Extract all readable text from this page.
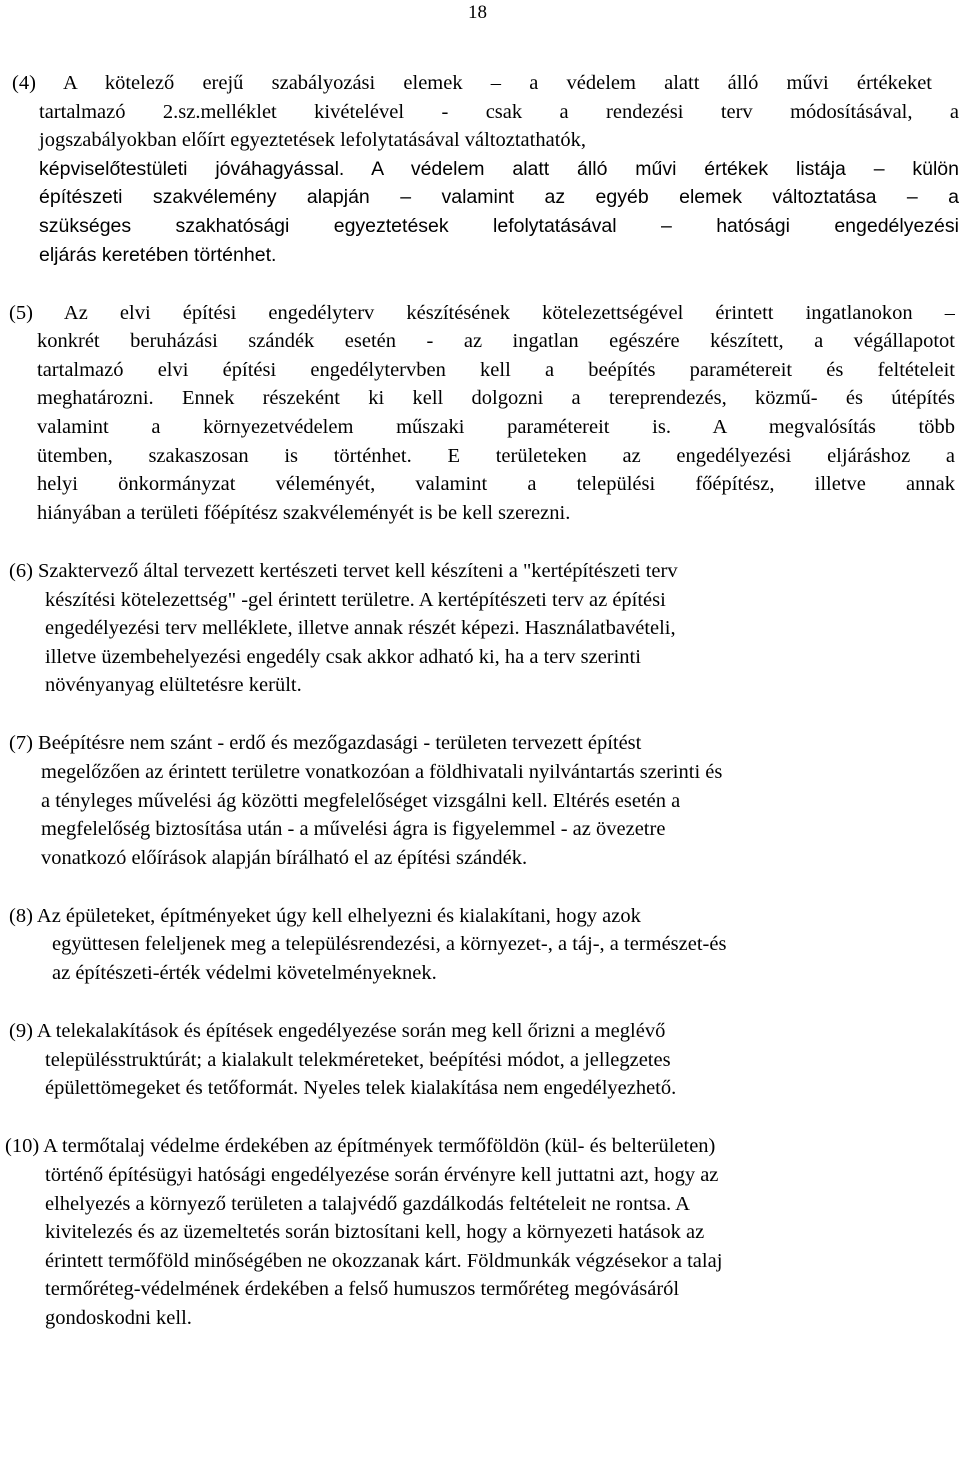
18

(4) A kötelező erejű szabályozási elemek – a védelem alatt álló művi értékeket
tartalmazó 2.sz.melléklet kivételével - csak a rendezési terv módosításával, a
jogszabályokban előírt egyeztetések lefolytatásával változtathatók,
képviselőtestületi jóváhagyással. A védelem alatt álló művi értékek listája – külön
építészeti szakvélemény alapján – valamint az egyéb elemek változtatása – a
szükséges szakhatósági egyeztetések lefolytatásával – hatósági engedélyezési
eljárás keretében történhet.

(5) Az elvi építési engedélyterv készítésének kötelezettségével érintett ingatlanokon –
konkrét beruházási szándék esetén - az ingatlan egészére készített, a végállapotot
tartalmazó elvi építési engedélytervben kell a beépítés paramétereit és feltételeit
meghatározni. Ennek részeként ki kell dolgozni a tereprendezés, közmű- és útépítés
valamint a környezetvédelem műszaki paramétereit is. A megvalósítás több
ütemben, szakaszosan is történhet. E területeken az engedélyezési eljáráshoz a
helyi önkormányzat véleményét, valamint a települési főépítész, illetve annak
hiányában a területi főépítész szakvéleményét is be kell szerezni.

(6) Szaktervező által tervezett kertészeti tervet kell készíteni a "kertépítészeti terv
készítési kötelezettség" -gel érintett területre. A kertépítészeti terv az építési
engedélyezési terv melléklete, illetve annak részét képezi. Használatbavételi,
illetve üzembehelyezési engedély csak akkor adható ki, ha a terv szerinti
növényanyag elültetésre került.

(7) Beépítésre nem szánt - erdő és mezőgazdasági - területen tervezett építést
megelőzően az érintett területre vonatkozóan a földhivatali nyilvántartás szerinti és
a tényleges művelési ág közötti megfelelőséget vizsgálni kell. Eltérés esetén a
megfelelőség biztosítása után - a művelési ágra is figyelemmel - az övezetre
vonatkozó előírások alapján bírálható el az építési szándék.

(8) Az épületeket, építményeket úgy kell elhelyezni és kialakítani, hogy azok
együttesen feleljenek meg a településrendezési, a környezet-, a táj-, a természet-és
az építészeti-érték védelmi követelményeknek.

(9) A telekalakítások és építések engedélyezése során meg kell őrizni a meglévő
településstruktúrát; a kialakult telekméreteket, beépítési módot, a jellegzetes
épülettömegeket és tetőformát. Nyeles telek kialakítása nem engedélyezhető.

(10) A termőtalaj védelme érdekében az építmények termőföldön (kül- és belterületen)
történő építésügyi hatósági engedélyezése során érvényre kell juttatni azt, hogy az
elhelyezés a környező területen a talajvédő gazdálkodás feltételeit ne rontsa. A
kivitelezés és az üzemeltetés során biztosítani kell, hogy a környezeti hatások az
érintett termőföld minőségében ne okozzanak kárt. Földmunkák végzésekor a talaj
termőréteg-védelmének érdekében a felső humuszos termőréteg megóvásáról
gondoskodni kell.
